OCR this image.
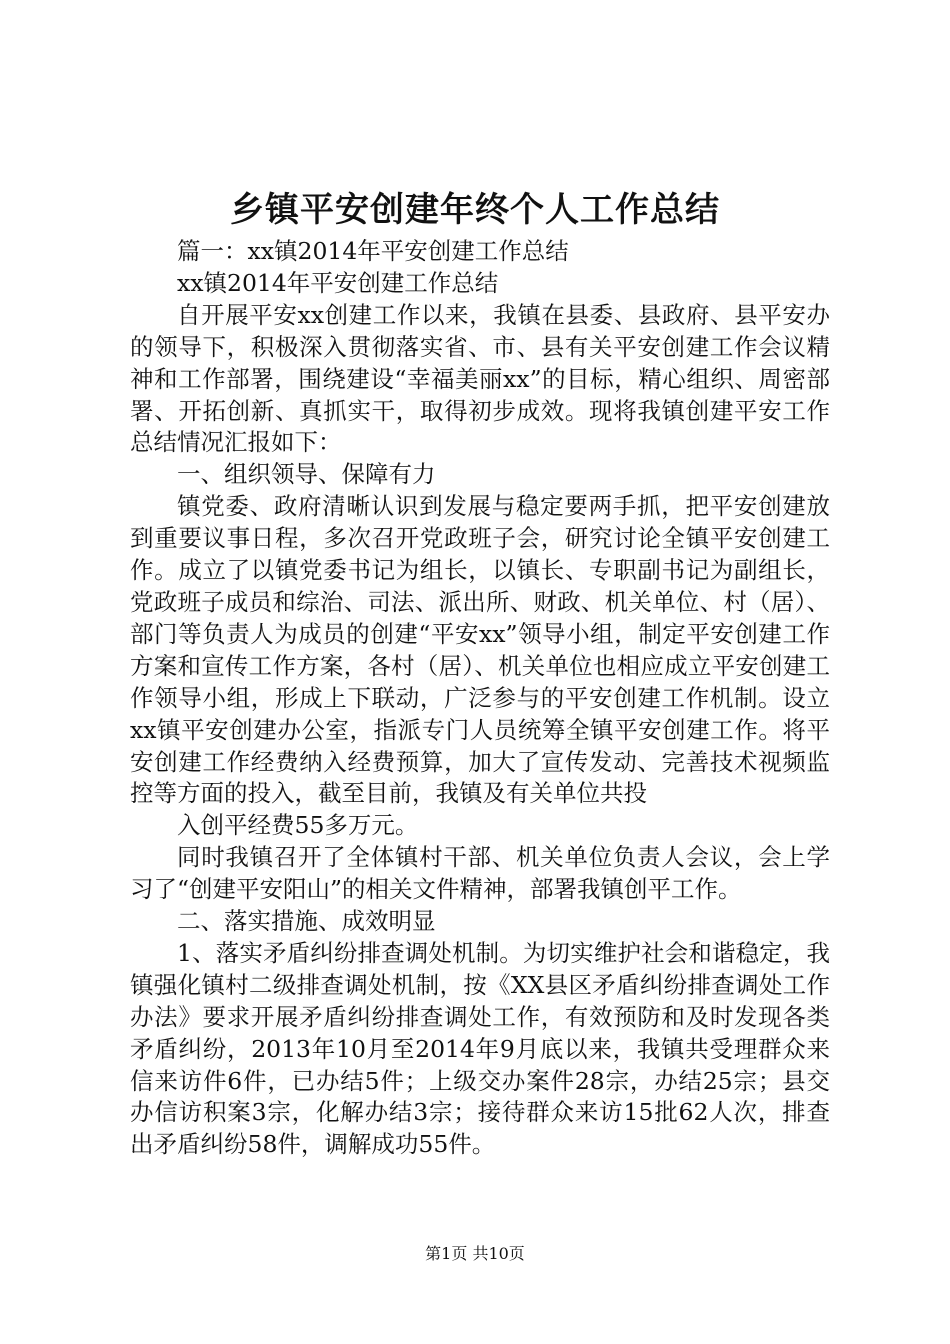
乡镇平安创建年终个人工作总结

篇一：xx镇2014年平安创建工作总结

xx镇2014年平安创建工作总结

自开展平安xx创建工作以来，我镇在县委、县政府、县平安办的领导下，积极深入贯彻落实省、市、县有关平安创建工作会议精神和工作部署，围绕建设“幸福美丽xx”的目标，精心组织、周密部署、开拓创新、真抓实干，取得初步成效。现将我镇创建平安工作总结情况汇报如下：

一、组织领导、保障有力

镇党委、政府清晰认识到发展与稳定要两手抓，把平安创建放到重要议事日程，多次召开党政班子会，研究讨论全镇平安创建工作。成立了以镇党委书记为组长，以镇长、专职副书记为副组长，党政班子成员和综治、司法、派出所、财政、机关单位、村（居）、部门等负责人为成员的创建“平安xx”领导小组，制定平安创建工作方案和宣传工作方案，各村（居）、机关单位也相应成立平安创建工作领导小组，形成上下联动，广泛参与的平安创建工作机制。设立xx镇平安创建办公室，指派专门人员统筹全镇平安创建工作。将平安创建工作经费纳入经费预算，加大了宣传发动、完善技术视频监控等方面的投入，截至目前，我镇及有关单位共投

入创平经费55多万元。

同时我镇召开了全体镇村干部、机关单位负责人会议，会上学习了“创建平安阳山”的相关文件精神，部署我镇创平工作。

二、落实措施、成效明显

1、落实矛盾纠纷排查调处机制。为切实维护社会和谐稳定，我镇强化镇村二级排查调处机制，按《XX县区矛盾纠纷排查调处工作办法》要求开展矛盾纠纷排查调处工作，有效预防和及时发现各类矛盾纠纷，2013年10月至2014年9月底以来，我镇共受理群众来信来访件6件，已办结5件；上级交办案件28宗，办结25宗；县交办信访积案3宗，化解办结3宗；接待群众来访15批62人次，排查出矛盾纠纷58件，调解成功55件。

第1页 共10页
